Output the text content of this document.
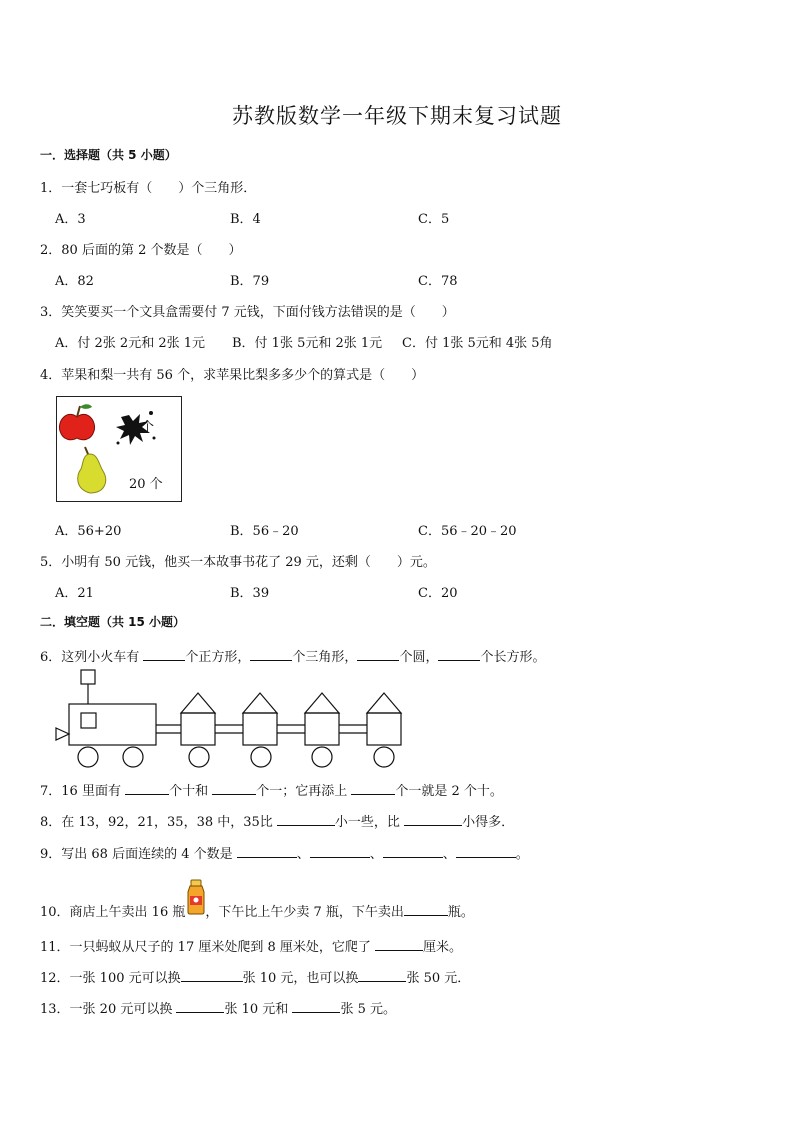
苏教版数学一年级下期末复习试题
一．选择题（共 5 小题）
1．一套七巧板有（　　）个三角形．
A．3	B．4	C．5
2．80 后面的第 2 个数是（　　）
A．82	B．79	C．78
3．笑笑要买一个文具盒需要付 7 元钱，下面付钱方法错误的是（　　）
A．付 2张 2元和 2张 1元 B．付 1张 5元和 2张 1元 C．付 1张 5元和 4张 5角
4．苹果和梨一共有 56 个，求苹果比梨多多少个的算式是（　　）
个
20 个
A．56+20	B．56﹣20	C．56﹣20﹣20
5．小明有 50 元钱，他买一本故事书花了 29 元，还剩（　　）元。
A．21	B．39	C．20
二．填空题（共 15 小题）
6．这列小火车有	个正方形，	个三角形，	个圆，	个长方形。
7．16 里面有	个十和	个一；它再添上	个一就是 2 个十。
8．在 13，92，21，35，38 中，35比	小一些，比	小得多．
9．写出 68 后面连续的 4 个数是	、	、	、	。
10．商店上午卖出 16 瓶 ，下午比上午少卖 7 瓶，下午卖出	瓶。
11．一只蚂蚁从尺子的 17 厘米处爬到 8 厘米处，它爬了	厘米。
12．一张 100 元可以换	张 10 元，也可以换	张 50 元．
13．一张 20 元可以换	张 10 元和	张 5 元。
